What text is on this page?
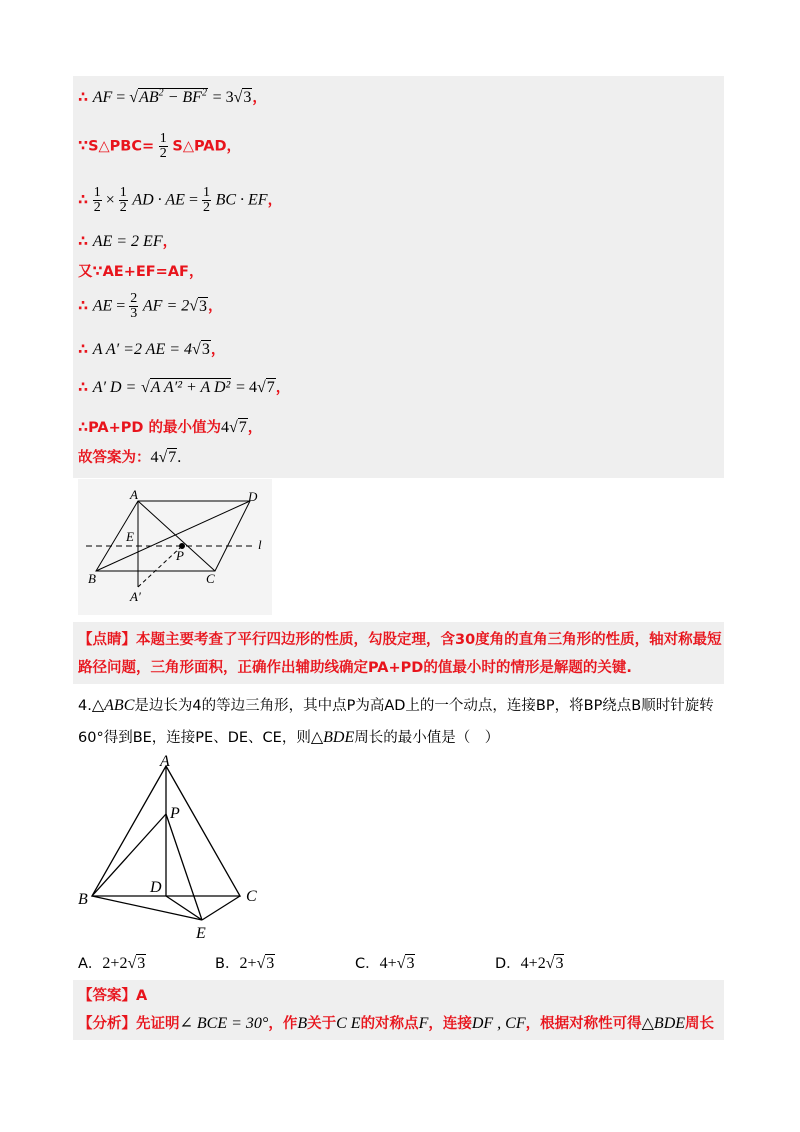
∴ AF = $√AB^2 - BF^2 = 3√3$，
∵S△PBC= $\frac{1}{2}$ S△PAD，
∴ $\frac{1}{2} \times \frac{1}{2}$ AD · AE = $\frac{1}{2}$ BC · EF，
∴ AE = 2 EF，
又∵AE+EF=AF，
∴ AE = $\frac{2}{3}$ AF = 2√3，
∴ A A′ =2 AE = 4√3，
∴ A′ D = √A A′² + A D² = 4√7，
∴PA+PD 的最小值为4√7，
故答案为：4√7.
A	D
E
P
l
B	C
A′
【点睛】本题主要考查了平行四边形的性质，勾股定理，含30度角的直角三角形的性质，轴对称最短路径问题，三角形面积，正确作出辅助线确定PA+PD的值最小时的情形是解题的关键.
4.△ABC是边长为4的等边三角形，其中点P为高AD上的一个动点，连接BP，将BP绕点B顺时针旋转60°得到BE，连接PE、DE、CE，则△BDE周长的最小值是（　）
A
P
D
B	C
E
A．2+2√3	B．2+√3	C．4+√3	D．4+2√3
【答案】A
【分析】先证明∠ BCE = 30°，作B关于C E的对称点F，连接DF , CF，根据对称性可得△BDE周长
